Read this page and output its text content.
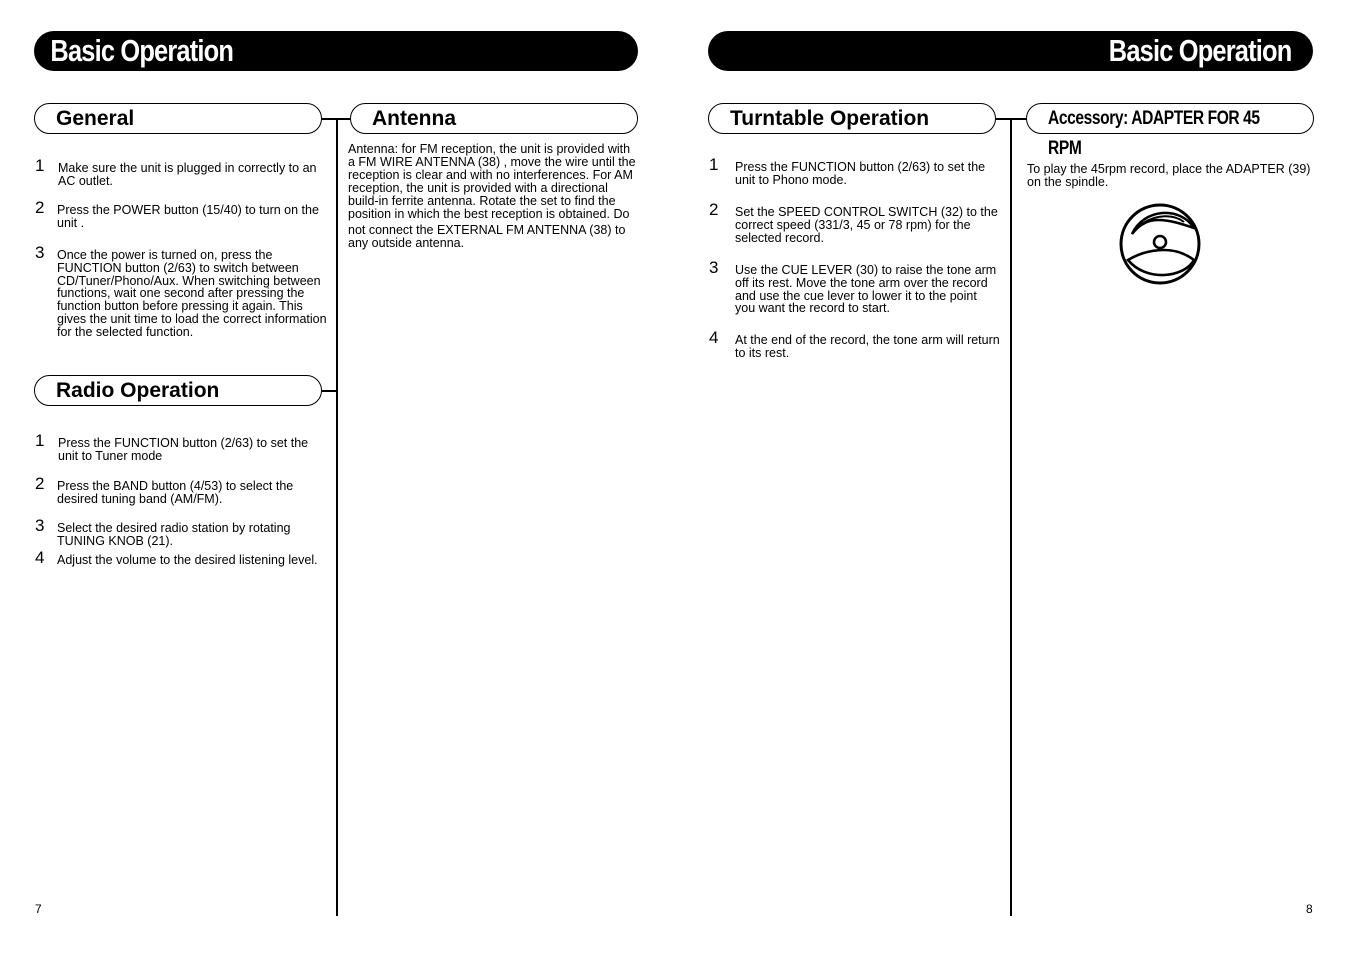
Basic Operation
General	Antenna
1 Make sure the unit is plugged in correctly to an AC outlet.
2 Press the POWER button (15/40) to turn on the unit .
3 Once the power is turned on, press the FUNCTION button (2/63) to switch between CD/Tuner/Phono/Aux. When switching between functions, wait one second after pressing the function button before pressing it again. This gives the unit time to load the correct information for the selected function.
Radio Operation
1 Press the FUNCTION button (2/63) to set the unit to Tuner mode
2 Press the BAND button (4/53) to select the desired tuning band (AM/FM).
3 Select the desired radio station by rotating TUNING KNOB (21).
4 Adjust the volume to the desired listening level.
Antenna: for FM reception, the unit is provided with a FM WIRE ANTENNA (38) , move the wire until the reception is clear and with no interferences. For AM reception, the unit is provided with a directional build-in ferrite antenna. Rotate the set to find the position in which the best reception is obtained. Do
not connect the EXTERNAL FM ANTENNA (38) to any outside antenna.
7
Basic Operation
Turntable Operation	Accessory: ADAPTER FOR 45 RPM
1 Press the FUNCTION button (2/63) to set the unit to Phono mode.
2 Set the SPEED CONTROL SWITCH (32) to the correct speed (331/3, 45 or 78 rpm) for the selected record.
3 Use the CUE LEVER (30) to raise the tone arm off its rest. Move the tone arm over the record and use the cue lever to lower it to the point you want the record to start.
4 At the end of the record, the tone arm will return to its rest.
To play the 45rpm record, place the ADAPTER (39) on the spindle.
8
